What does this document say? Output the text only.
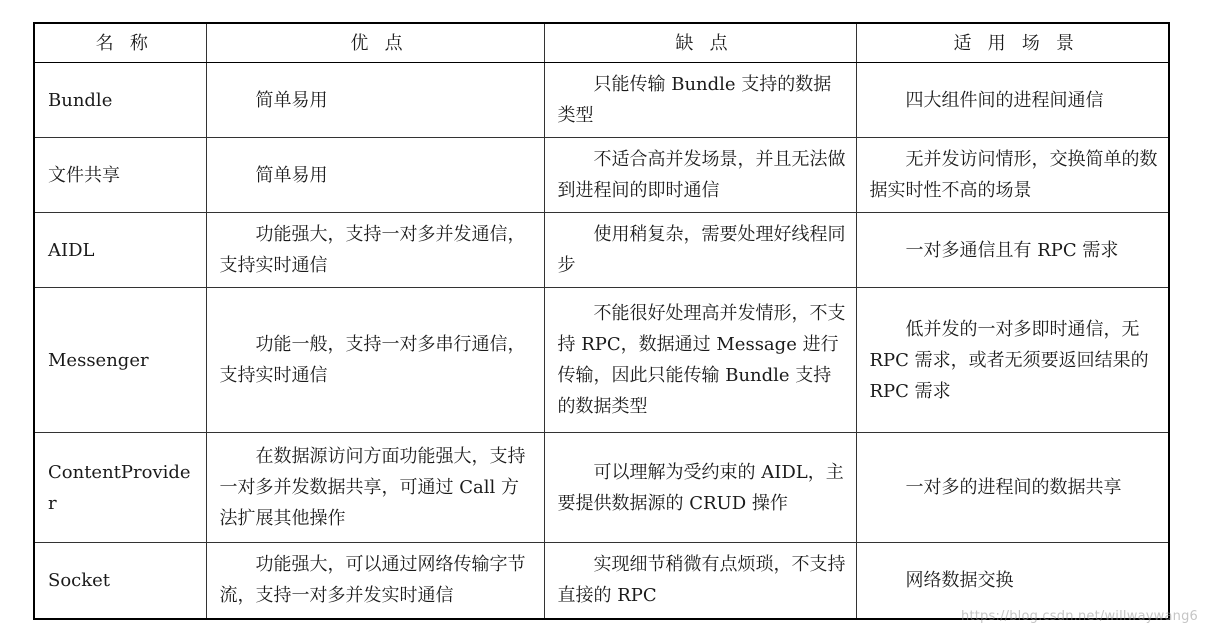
名称	优点	缺点	适用场景
Bundle	简单易用	只能传输 Bundle 支持的数据类型	四大组件间的进程间通信
文件共享	简单易用	不适合高并发场景，并且无法做到进程间的即时通信	无并发访问情形，交换简单的数据实时性不高的场景
AIDL	功能强大，支持一对多并发通信，支持实时通信	使用稍复杂，需要处理好线程同步	一对多通信且有 RPC 需求
Messenger	功能一般，支持一对多串行通信，支持实时通信	不能很好处理高并发情形，不支持 RPC，数据通过 Message 进行传输，因此只能传输 Bundle 支持的数据类型	低并发的一对多即时通信，无 RPC 需求，或者无须要返回结果的 RPC 需求
ContentProvider	在数据源访问方面功能强大，支持一对多并发数据共享，可通过 Call 方法扩展其他操作	可以理解为受约束的 AIDL，主要提供数据源的 CRUD 操作	一对多的进程间的数据共享
Socket	功能强大，可以通过网络传输字节流，支持一对多并发实时通信	实现细节稍微有点烦琐，不支持直接的 RPC	网络数据交换
https://blog.csdn.net/willwaywang6
